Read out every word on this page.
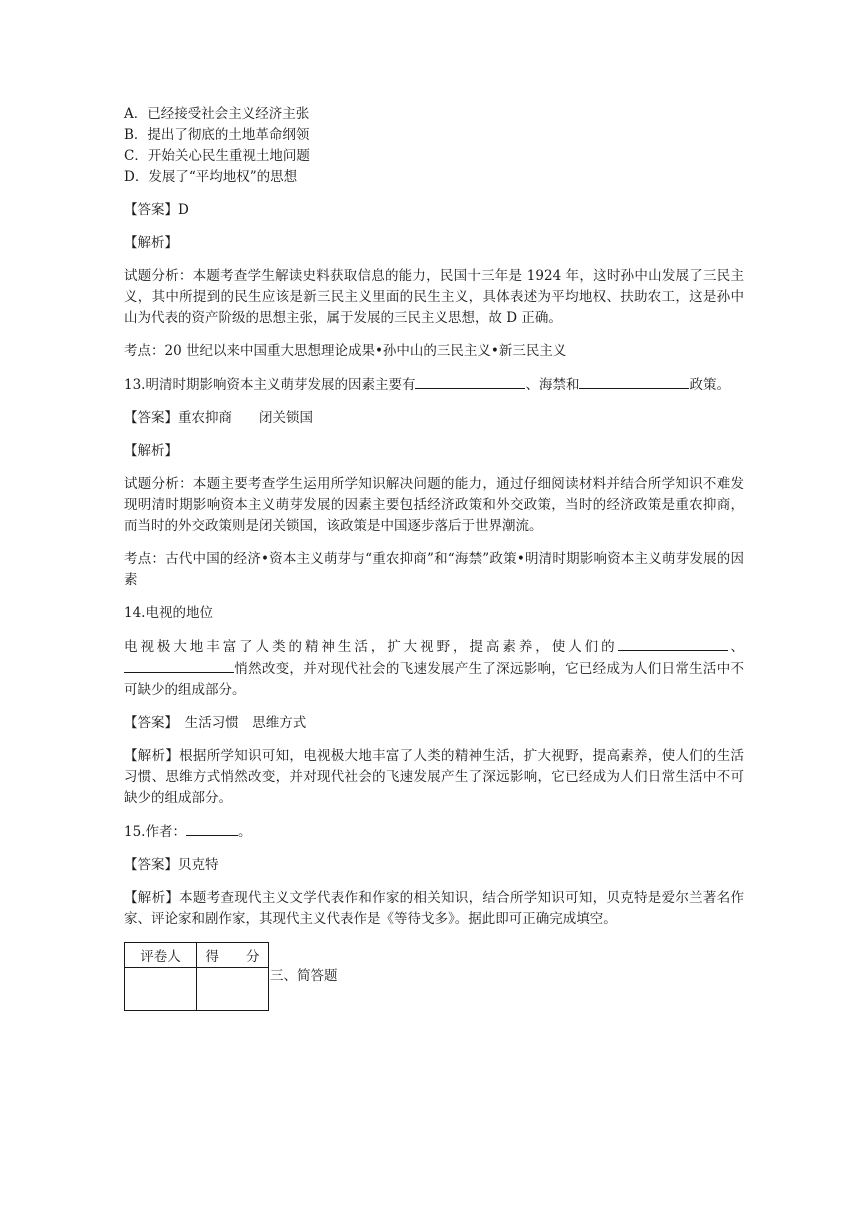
A．已经接受社会主义经济主张

B．提出了彻底的土地革命纲领

C．开始关心民生重视土地问题

D．发展了“平均地权”的思想

【答案】D

【解析】

试题分析：本题考查学生解读史料获取信息的能力，民国十三年是 1924 年，这时孙中山发展了三民主义，其中所提到的民生应该是新三民主义里面的民生主义，具体表述为平均地权、扶助农工，这是孙中山为代表的资产阶级的思想主张，属于发展的三民主义思想，故 D 正确。

考点：20 世纪以来中国重大思想理论成果•孙中山的三民主义•新三民主义

13.明清时期影响资本主义萌芽发展的因素主要有	、海禁和	政策。

【答案】重农抑商　　闭关锁国

【解析】

试题分析：本题主要考查学生运用所学知识解决问题的能力，通过仔细阅读材料并结合所学知识不难发现明清时期影响资本主义萌芽发展的因素主要包括经济政策和外交政策，当时的经济政策是重农抑商，而当时的外交政策则是闭关锁国，该政策是中国逐步落后于世界潮流。

考点：古代中国的经济•资本主义萌芽与“重农抑商”和“海禁”政策•明清时期影响资本主义萌芽发展的因素

14.电视的地位

电视极大地丰富了人类的精神生活，扩大视野，提高素养，使人们的	、悄然改变，并对现代社会的飞速发展产生了深远影响，它已经成为人们日常生活中不可缺少的组成部分。

【答案】　生活习惯　思维方式

【解析】根据所学知识可知，电视极大地丰富了人类的精神生活，扩大视野，提高素养，使人们的生活习惯、思维方式悄然改变，并对现代社会的飞速发展产生了深远影响，它已经成为人们日常生活中不可缺少的组成部分。

15.作者：	。

【答案】贝克特

【解析】本题考查现代主义文学代表作和作家的相关知识，结合所学知识可知，贝克特是爱尔兰著名作家、评论家和剧作家，其现代主义代表作是《等待戈多》。据此即可正确完成填空。

评卷人	得　　分

三、简答题
